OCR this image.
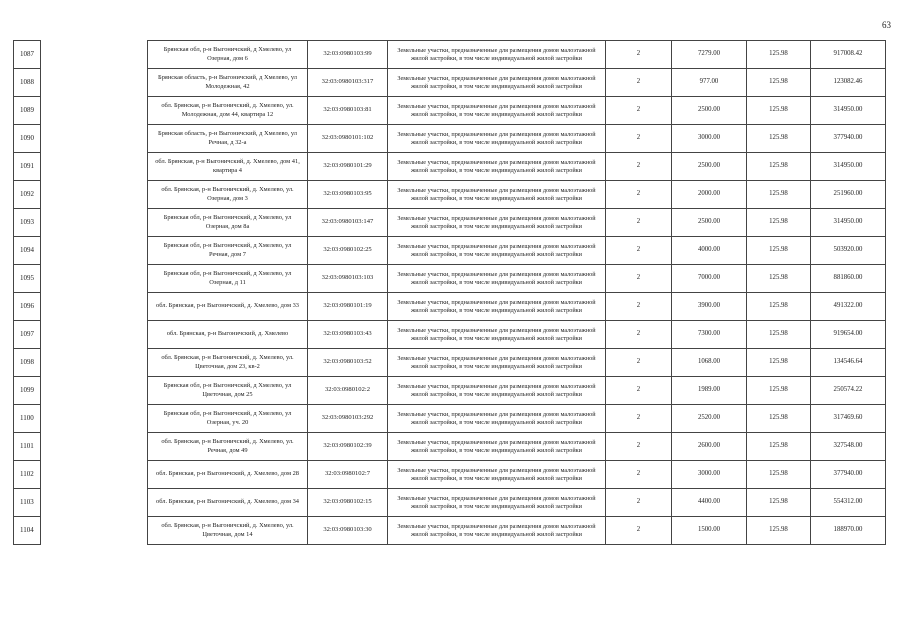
63
1087		Брянская обл, р-н Выгоничский, д Хмелево, ул Озерная, дом 6	32:03:0980103:99	Земельные участки, предназначенные для размещения домов малоэтажной жилой застройки, в том числе индивидуальной жилой застройки	2	7279.00	125.98	917008.42
1088		Брянская область, р-н Выгоничский, д Хмелево, ул Молодежная, 42	32:03:0980103:317	Земельные участки, предназначенные для размещения домов малоэтажной жилой застройки, в том числе индивидуальной жилой застройки	2	977.00	125.98	123082.46
1089		обл. Брянская, р-н Выгоничский, д. Хмелево, ул. Молодежная, дом 44, квартира 12	32:03:0980103:81	Земельные участки, предназначенные для размещения домов малоэтажной жилой застройки, в том числе индивидуальной жилой застройки	2	2500.00	125.98	314950.00
1090		Брянская область, р-н Выгоничский, д Хмелево, ул Речная, д 32-а	32:03:0980101:102	Земельные участки, предназначенные для размещения домов малоэтажной жилой застройки, в том числе индивидуальной жилой застройки	2	3000.00	125.98	377940.00
1091		обл. Брянская, р-н Выгоничский, д. Хмелево, дом 41, квартира 4	32:03:0980101:29	Земельные участки, предназначенные для размещения домов малоэтажной жилой застройки, в том числе индивидуальной жилой застройки	2	2500.00	125.98	314950.00
1092		обл. Брянская, р-н Выгоничский, д. Хмелево, ул. Озерная, дом 3	32:03:0980103:95	Земельные участки, предназначенные для размещения домов малоэтажной жилой застройки, в том числе индивидуальной жилой застройки	2	2000.00	125.98	251960.00
1093		Брянская обл, р-н Выгоничский, д Хмелево, ул Озерная, дом 8а	32:03:0980103:147	Земельные участки, предназначенные для размещения домов малоэтажной жилой застройки, в том числе индивидуальной жилой застройки	2	2500.00	125.98	314950.00
1094		Брянская обл, р-н Выгоничский, д Хмелево, ул Речная, дом 7	32:03:0980102:25	Земельные участки, предназначенные для размещения домов малоэтажной жилой застройки, в том числе индивидуальной жилой застройки	2	4000.00	125.98	503920.00
1095		Брянская обл, р-н Выгоничский, д Хмелево, ул Озерная, д 11	32:03:0980103:103	Земельные участки, предназначенные для размещения домов малоэтажной жилой застройки, в том числе индивидуальной жилой застройки	2	7000.00	125.98	881860.00
1096		обл. Брянская, р-н Выгоничский, д. Хмелево, дом 33	32:03:0980101:19	Земельные участки, предназначенные для размещения домов малоэтажной жилой застройки, в том числе индивидуальной жилой застройки	2	3900.00	125.98	491322.00
1097		обл. Брянская, р-н Выгоничский, д. Хмелево	32:03:0980103:43	Земельные участки, предназначенные для размещения домов малоэтажной жилой застройки, в том числе индивидуальной жилой застройки	2	7300.00	125.98	919654.00
1098		обл. Брянская, р-н Выгоничский, д. Хмелево, ул. Цветочная, дом 23, кв-2	32:03:0980103:52	Земельные участки, предназначенные для размещения домов малоэтажной жилой застройки, в том числе индивидуальной жилой застройки	2	1068.00	125.98	134546.64
1099		Брянская обл, р-н Выгоничский, д Хмелево, ул Цветочная, дом 25	32:03:0980102:2	Земельные участки, предназначенные для размещения домов малоэтажной жилой застройки, в том числе индивидуальной жилой застройки	2	1989.00	125.98	250574.22
1100		Брянская обл, р-н Выгоничский, д Хмелево, ул Озерная, уч. 20	32:03:0980103:292	Земельные участки, предназначенные для размещения домов малоэтажной жилой застройки, в том числе индивидуальной жилой застройки	2	2520.00	125.98	317469.60
1101		обл. Брянская, р-н Выгоничский, д. Хмелево, ул. Речная, дом 49	32:03:0980102:39	Земельные участки, предназначенные для размещения домов малоэтажной жилой застройки, в том числе индивидуальной жилой застройки	2	2600.00	125.98	327548.00
1102		обл. Брянская, р-н Выгоничский, д. Хмелево, дом 28	32:03:0980102:7	Земельные участки, предназначенные для размещения домов малоэтажной жилой застройки, в том числе индивидуальной жилой застройки	2	3000.00	125.98	377940.00
1103		обл. Брянская, р-н Выгоничский, д. Хмелево, дом 34	32:03:0980102:15	Земельные участки, предназначенные для размещения домов малоэтажной жилой застройки, в том числе индивидуальной жилой застройки	2	4400.00	125.98	554312.00
1104		обл. Брянская, р-н Выгоничский, д. Хмелево, ул. Цветочная, дом 14	32:03:0980103:30	Земельные участки, предназначенные для размещения домов малоэтажной жилой застройки, в том числе индивидуальной жилой застройки	2	1500.00	125.98	188970.00
